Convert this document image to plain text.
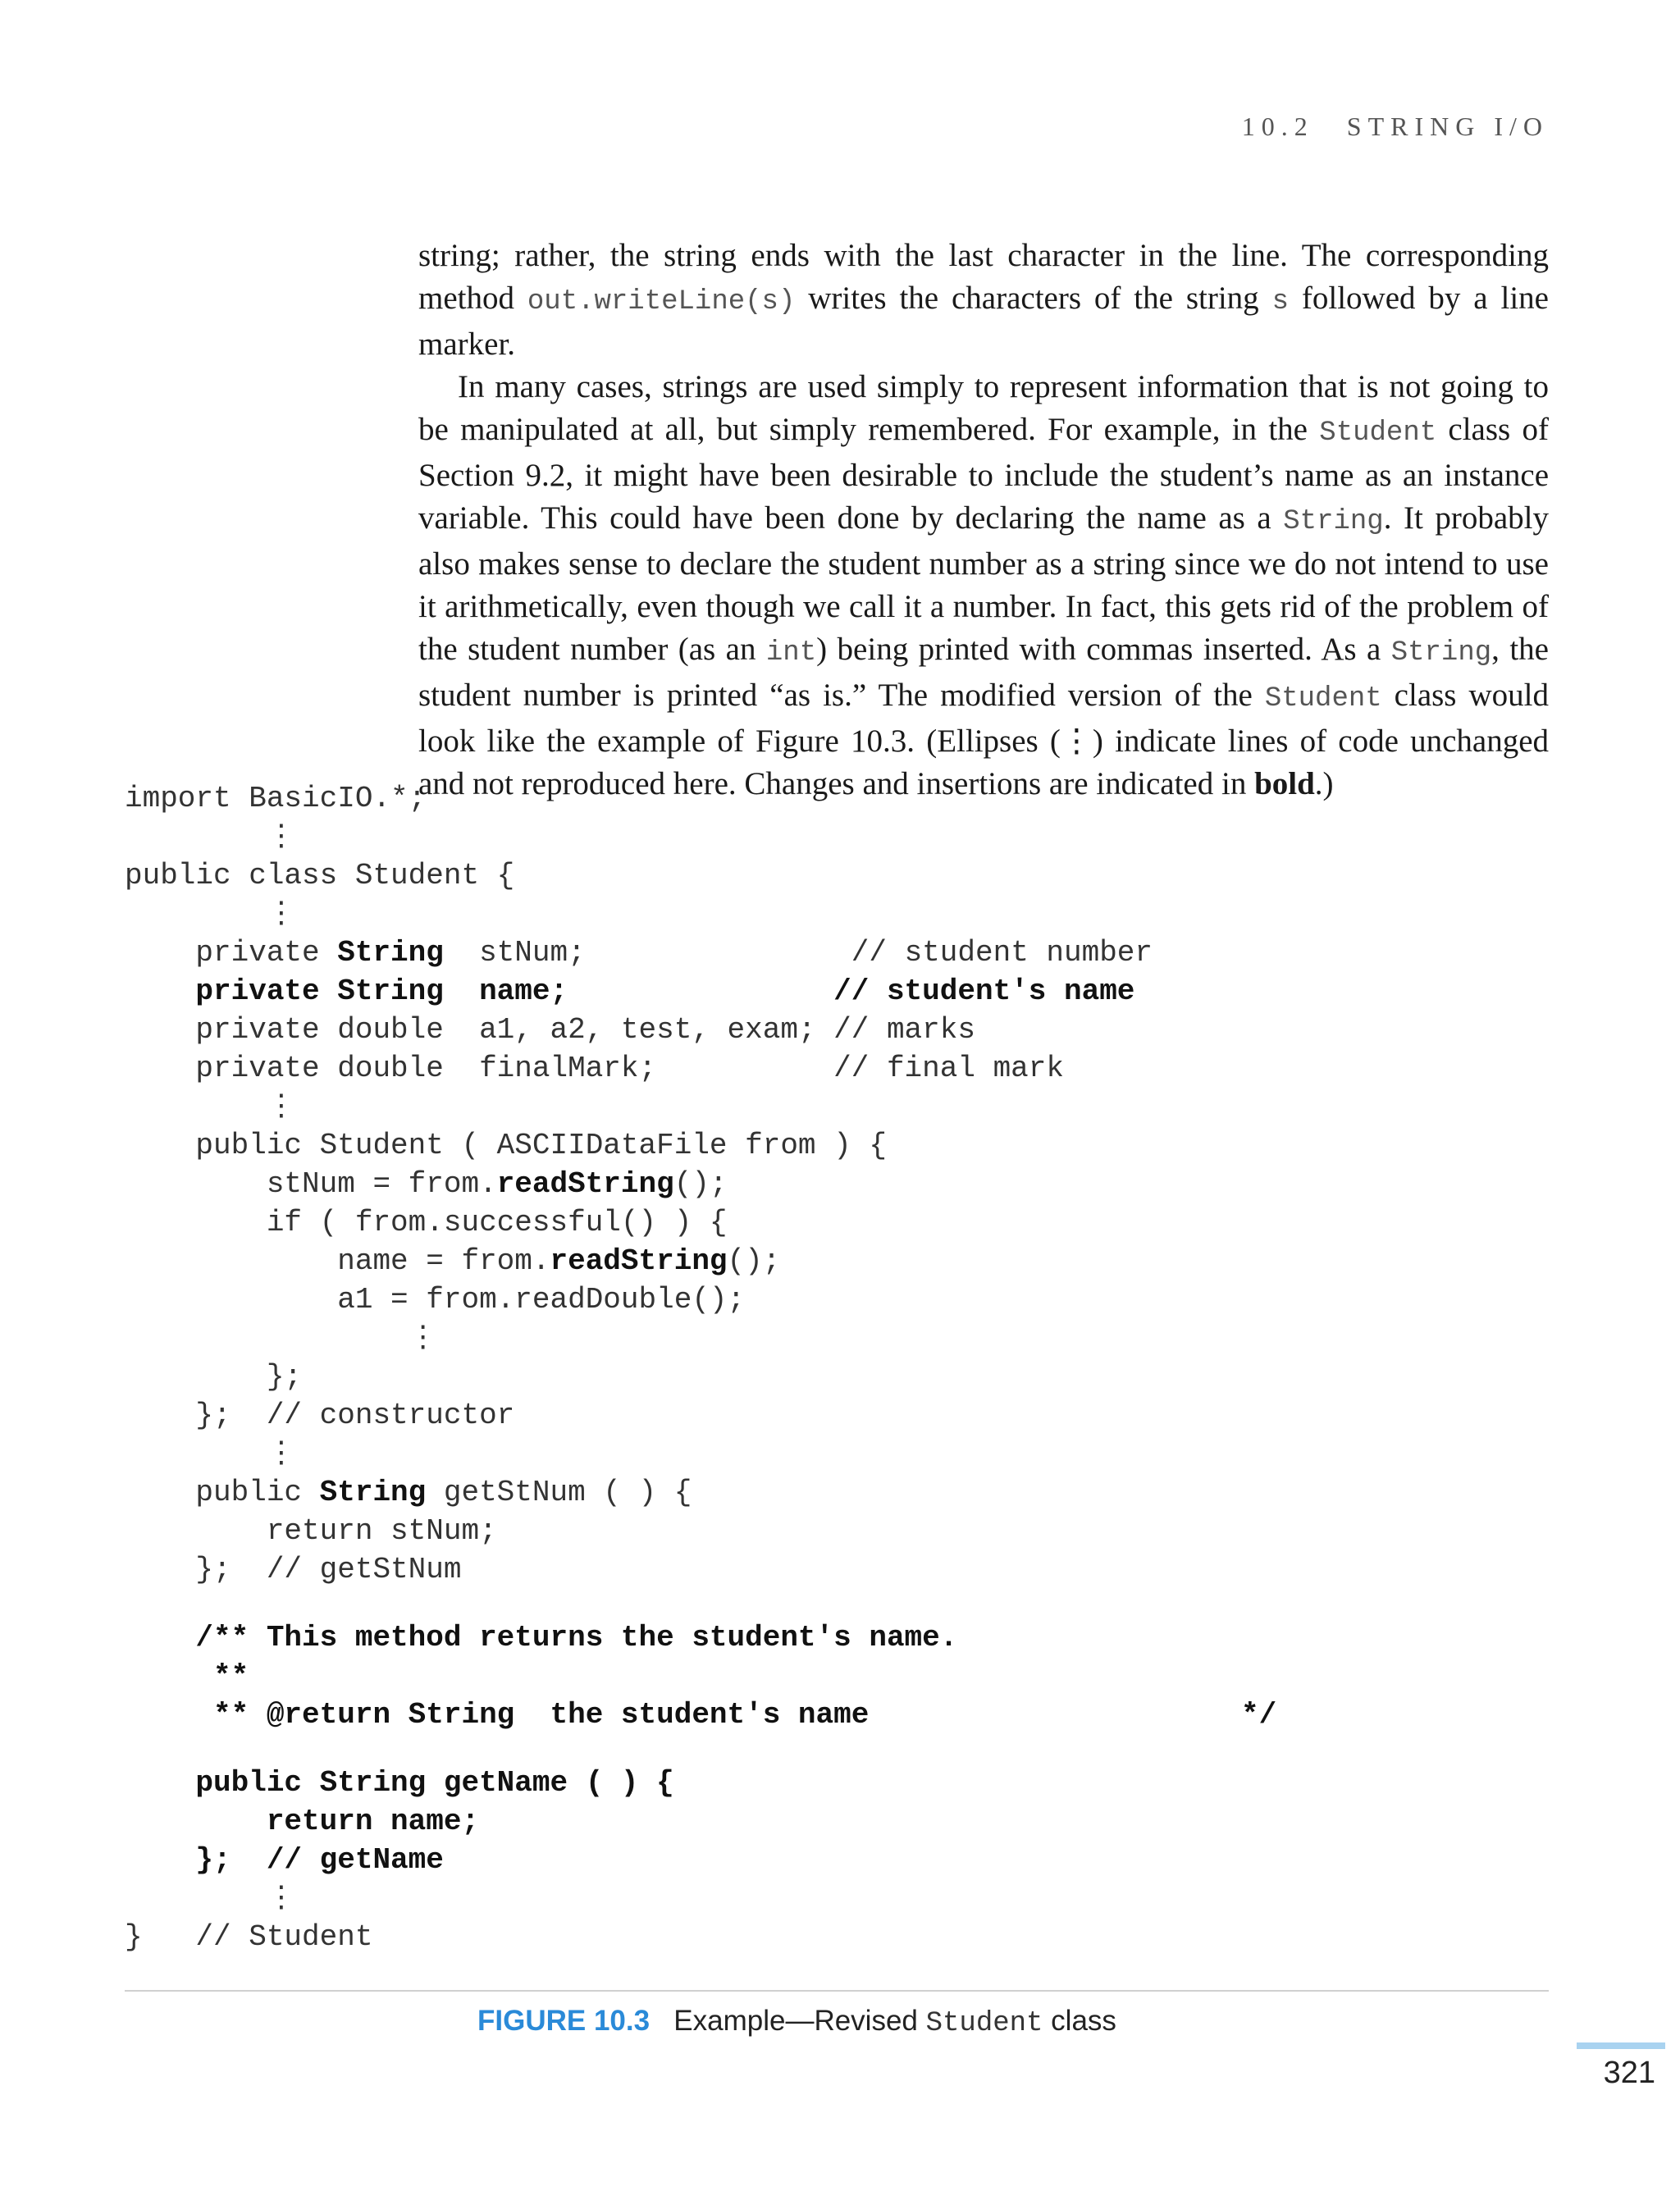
10.2 STRING I/O

string; rather, the string ends with the last character in the line. The corresponding method out.writeLine(s) writes the characters of the string s followed by a line marker.

In many cases, strings are used simply to represent information that is not going to be manipulated at all, but simply remembered. For example, in the Student class of Section 9.2, it might have been desirable to include the student’s name as an instance variable. This could have been done by declaring the name as a String. It probably also makes sense to declare the student number as a string since we do not intend to use it arithmetically, even though we call it a number. In fact, this gets rid of the problem of the student number (as an int) being printed with commas inserted. As a String, the student number is printed “as is.” The modified version of the Student class would look like the example of Figure 10.3. (Ellipses (⋮) indicate lines of code unchanged and not reproduced here. Changes and insertions are indicated in bold.)

import BasicIO.*;
⋮
public class Student {
⋮
private String  stNum;               // student number
private String  name;               // student's name
private double  a1, a2, test, exam; // marks
private double  finalMark;          // final mark
⋮
public Student ( ASCIIDataFile from ) {
stNum = from.readString();
if ( from.successful() ) {
name = from.readString();
a1 = from.readDouble();
⋮
};
};  // constructor
⋮
public String getStNum ( ) {
return stNum;
};  // getStNum
/** This method returns the student's name.
**
** @return String  the student's name                     */
public String getName ( ) {
return name;
};  // getName
⋮
}   // Student
FIGURE 10.3 Example—Revised Student class
321
